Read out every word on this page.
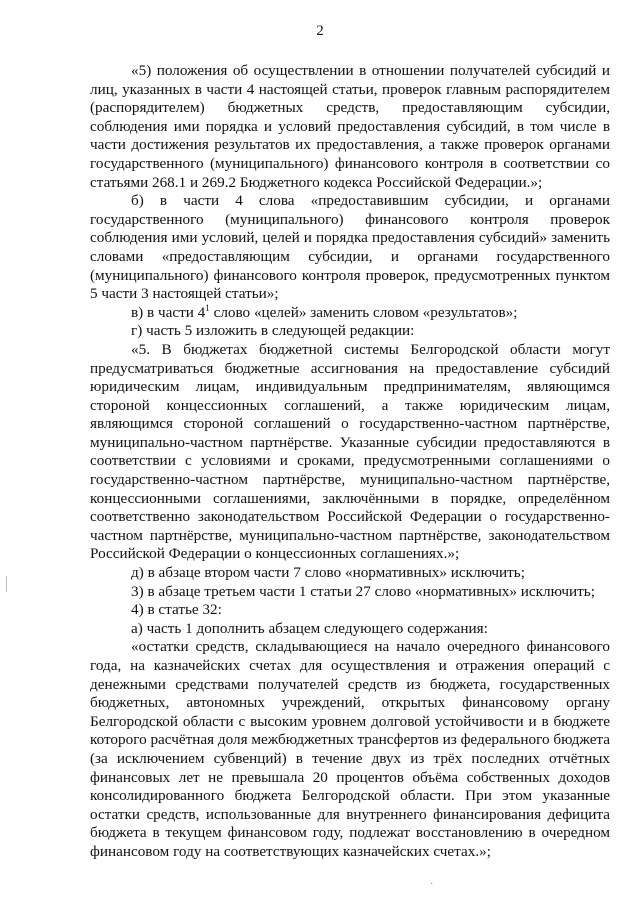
2

«5) положения об осуществлении в отношении получателей субсидий и лиц, указанных в части 4 настоящей статьи, проверок главным распорядителем (распорядителем) бюджетных средств, предоставляющим субсидии, соблюдения ими порядка и условий предоставления субсидий, в том числе в части достижения результатов их предоставления, а также проверок органами государственного (муниципального) финансового контроля в соответствии со статьями 268.1 и 269.2 Бюджетного кодекса Российской Федерации.»;

б) в части 4 слова «предоставившим субсидии, и органами государственного (муниципального) финансового контроля проверок соблюдения ими условий, целей и порядка предоставления субсидий» заменить словами «предоставляющим субсидии, и органами государственного (муниципального) финансового контроля проверок, предусмотренных пунктом 5 части 3 настоящей статьи»;

в) в части $4^1$ слово «целей» заменить словом «результатов»;

г) часть 5 изложить в следующей редакции:

«5. В бюджетах бюджетной системы Белгородской области могут предусматриваться бюджетные ассигнования на предоставление субсидий юридическим лицам, индивидуальным предпринимателям, являющимся стороной концессионных соглашений, а также юридическим лицам, являющимся стороной соглашений о государственно-частном партнёрстве, муниципально-частном партнёрстве. Указанные субсидии предоставляются в соответствии с условиями и сроками, предусмотренными соглашениями о государственно-частном партнёрстве, муниципально-частном партнёрстве, концессионными соглашениями, заключёнными в порядке, определённом соответственно законодательством Российской Федерации о государственно-частном партнёрстве, муниципально-частном партнёрстве, законодательством Российской Федерации о концессионных соглашениях.»;

д) в абзаце втором части 7 слово «нормативных» исключить;

3) в абзаце третьем части 1 статьи 27 слово «нормативных» исключить;

4) в статье 32:

а) часть 1 дополнить абзацем следующего содержания:

«остатки средств, складывающиеся на начало очередного финансового года, на казначейских счетах для осуществления и отражения операций с денежными средствами получателей средств из бюджета, государственных бюджетных, автономных учреждений, открытых финансовому органу Белгородской области с высоким уровнем долговой устойчивости и в бюджете которого расчётная доля межбюджетных трансфертов из федерального бюджета (за исключением субвенций) в течение двух из трёх последних отчётных финансовых лет не превышала 20 процентов объёма собственных доходов консолидированного бюджета Белгородской области. При этом указанные остатки средств, использованные для внутреннего финансирования дефицита бюджета в текущем финансовом году, подлежат восстановлению в очередном финансовом году на соответствующих казначейских счетах.»;

·
